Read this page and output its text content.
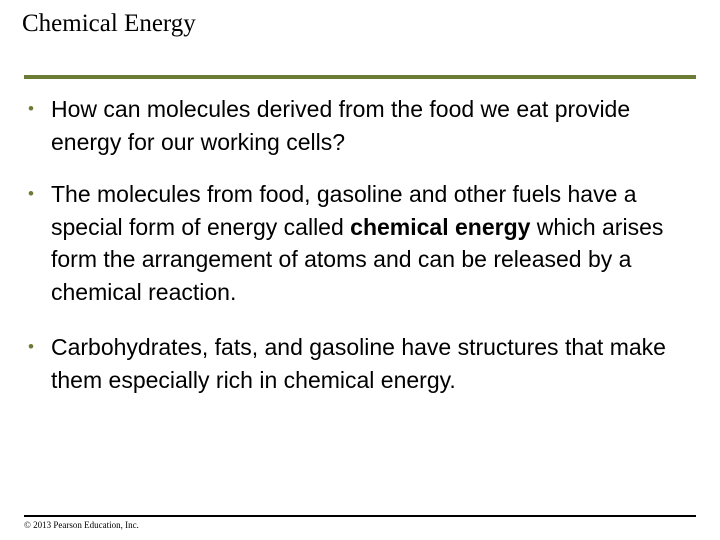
Chemical Energy
• How can molecules derived from the food we eat provide energy for our working cells?
• The molecules from food, gasoline and other fuels have a special form of energy called chemical energy which arises form the arrangement of atoms and can be released by a chemical reaction.
• Carbohydrates, fats, and gasoline have structures that make them especially rich in chemical energy.
© 2013 Pearson Education, Inc.
